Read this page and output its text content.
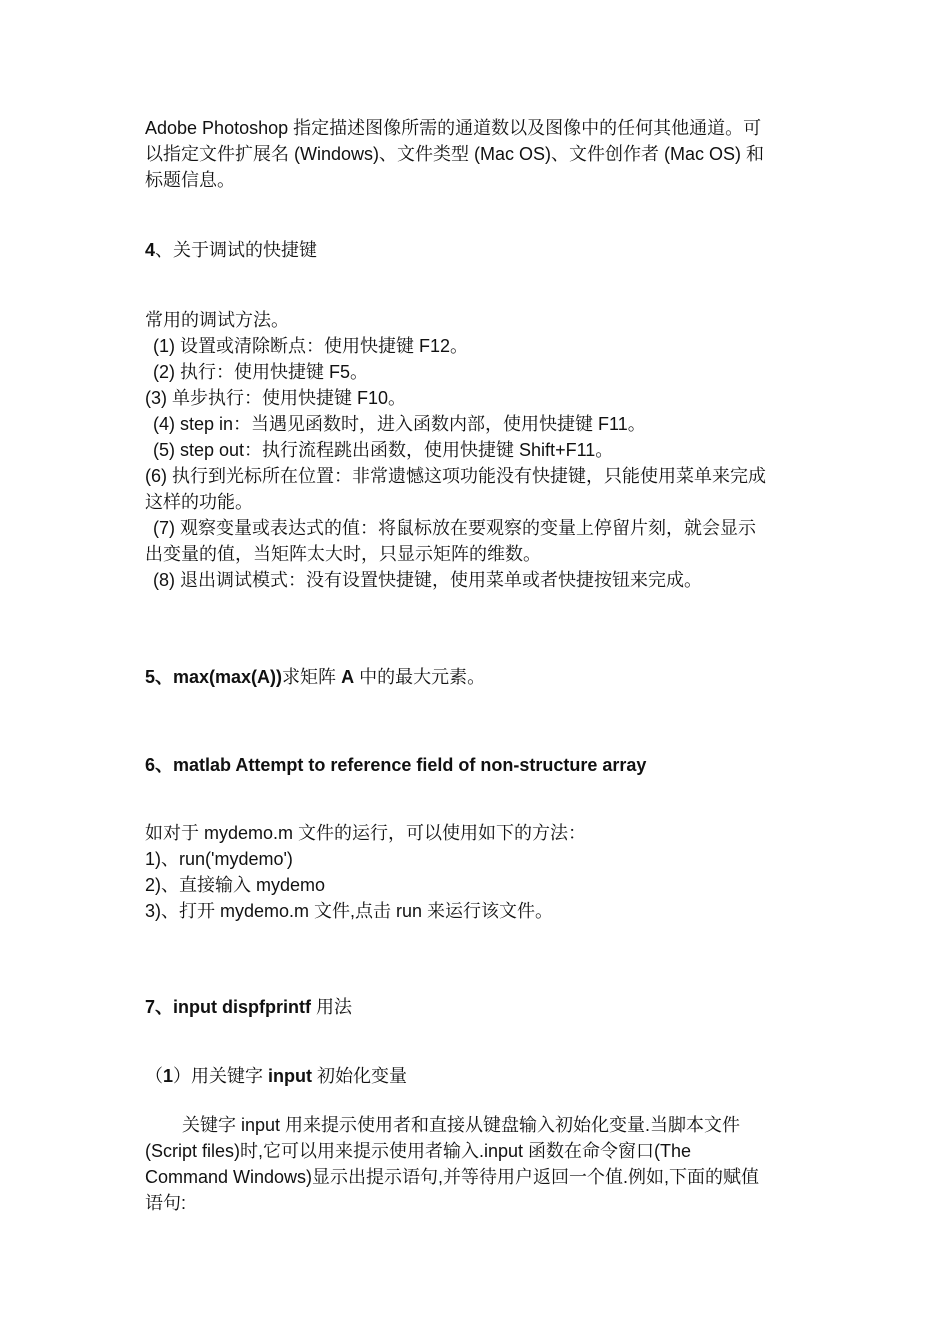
Adobe Photoshop 指定描述图像所需的通道数以及图像中的任何其他通道。可

以指定文件扩展名 (Windows)、文件类型 (Mac OS)、文件创作者 (Mac OS) 和

标题信息。

4、关于调试的快捷键

常用的调试方法。

(1) 设置或清除断点：使用快捷键 F12。

(2) 执行：使用快捷键 F5。

(3) 单步执行：使用快捷键 F10。

(4) step in：当遇见函数时，进入函数内部，使用快捷键 F11。

(5) step out：执行流程跳出函数，使用快捷键 Shift+F11。

(6) 执行到光标所在位置：非常遗憾这项功能没有快捷键，只能使用菜单来完成

这样的功能。

(7) 观察变量或表达式的值：将鼠标放在要观察的变量上停留片刻，就会显示

出变量的值，当矩阵太大时，只显示矩阵的维数。

(8) 退出调试模式：没有设置快捷键，使用菜单或者快捷按钮来完成。

5、max(max(A))求矩阵 A 中的最大元素。

6、matlab Attempt to reference field of non-structure array

如对于 mydemo.m 文件的运行，可以使用如下的方法：

1)、run('mydemo')

2)、直接输入 mydemo

3)、打开 mydemo.m 文件,点击 run 来运行该文件。

7、input dispfprintf 用法

（1）用关键字 input 初始化变量

关键字 input 用来提示使用者和直接从键盘输入初始化变量.当脚本文件

(Script files)时,它可以用来提示使用者输入.input 函数在命令窗口(The

Command Windows)显示出提示语句,并等待用户返回一个值.例如,下面的赋值

语句:
